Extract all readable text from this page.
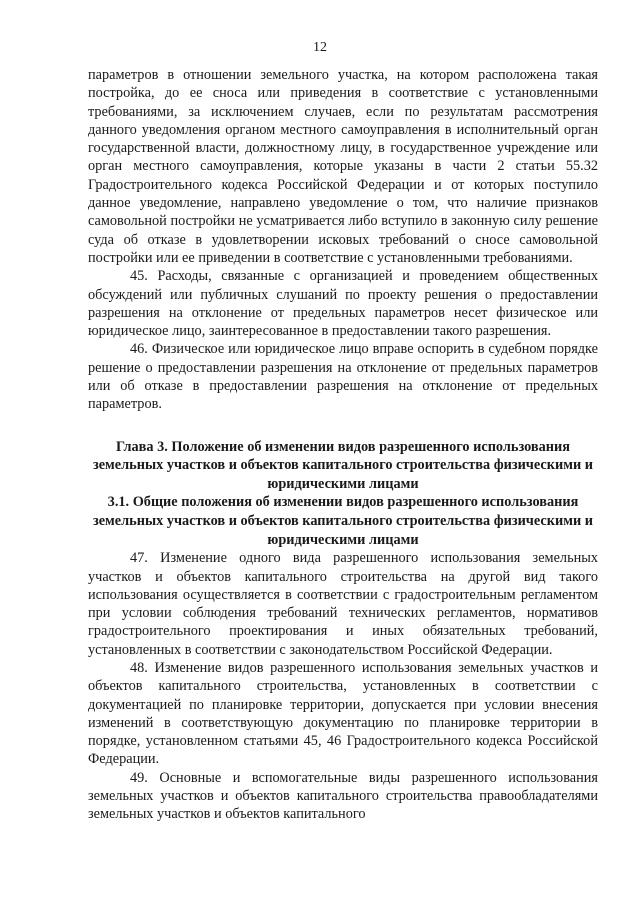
12

параметров в отношении земельного участка, на котором расположена такая постройка, до ее сноса или приведения в соответствие с установленными требованиями, за исключением случаев, если по результатам рассмотрения данного уведомления органом местного самоуправления в исполнительный орган государственной власти, должностному лицу, в государственное учреждение или орган местного самоуправления, которые указаны в части 2 статьи 55.32 Градостроительного кодекса Российской Федерации и от которых поступило данное уведомление, направлено уведомление о том, что наличие признаков самовольной постройки не усматривается либо вступило в законную силу решение суда об отказе в удовлетворении исковых требований о сносе самовольной постройки или ее приведении в соответствие с установленными требованиями.

45. Расходы, связанные с организацией и проведением общественных обсуждений или публичных слушаний по проекту решения о предоставлении разрешения на отклонение от предельных параметров несет физическое или юридическое лицо, заинтересованное в предоставлении такого разрешения.

46. Физическое или юридическое лицо вправе оспорить в судебном порядке решение о предоставлении разрешения на отклонение от предельных параметров или об отказе в предоставлении разрешения на отклонение от предельных параметров.

Глава 3. Положение об изменении видов разрешенного использования земельных участков и объектов капитального строительства физическими и юридическими лицами

3.1. Общие положения об изменении видов разрешенного использования земельных участков и объектов капитального строительства физическими и юридическими лицами

47. Изменение одного вида разрешенного использования земельных участков и объектов капитального строительства на другой вид такого использования осуществляется в соответствии с градостроительным регламентом при условии соблюдения требований технических регламентов, нормативов градостроительного проектирования и иных обязательных требований, установленных в соответствии с законодательством Российской Федерации.

48. Изменение видов разрешенного использования земельных участков и объектов капитального строительства, установленных в соответствии с документацией по планировке территории, допускается при условии внесения изменений в соответствующую документацию по планировке территории в порядке, установленном статьями 45, 46 Градостроительного кодекса Российской Федерации.

49. Основные и вспомогательные виды разрешенного использования земельных участков и объектов капитального строительства правообладателями земельных участков и объектов капитального
